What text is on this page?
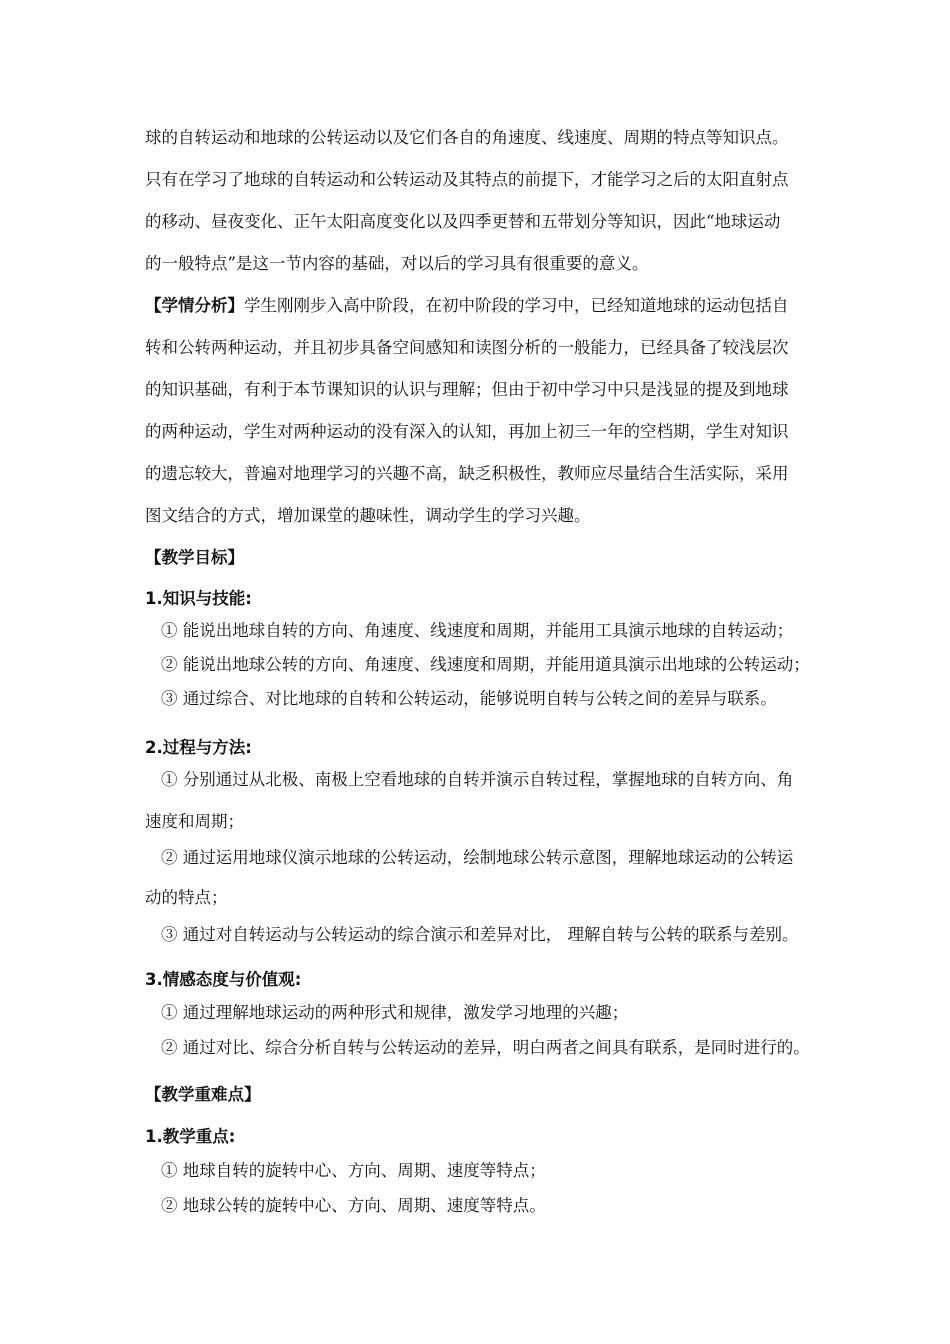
球的自转运动和地球的公转运动以及它们各自的角速度、线速度、周期的特点等知识点。
只有在学习了地球的自转运动和公转运动及其特点的前提下，才能学习之后的太阳直射点
的移动、昼夜变化、正午太阳高度变化以及四季更替和五带划分等知识，因此“地球运动
的一般特点”是这一节内容的基础，对以后的学习具有很重要的意义。
【学情分析】学生刚刚步入高中阶段，在初中阶段的学习中，已经知道地球的运动包括自
转和公转两种运动，并且初步具备空间感知和读图分析的一般能力，已经具备了较浅层次
的知识基础，有利于本节课知识的认识与理解；但由于初中学习中只是浅显的提及到地球
的两种运动，学生对两种运动的没有深入的认知，再加上初三一年的空档期，学生对知识
的遗忘较大，普遍对地理学习的兴趣不高，缺乏积极性，教师应尽量结合生活实际，采用
图文结合的方式，增加课堂的趣味性，调动学生的学习兴趣。
【教学目标】
1.知识与技能:
① 能说出地球自转的方向、角速度、线速度和周期，并能用工具演示地球的自转运动；
② 能说出地球公转的方向、角速度、线速度和周期，并能用道具演示出地球的公转运动；
③ 通过综合、对比地球的自转和公转运动，能够说明自转与公转之间的差异与联系。
2.过程与方法:
① 分别通过从北极、南极上空看地球的自转并演示自转过程，掌握地球的自转方向、角
速度和周期；
② 通过运用地球仪演示地球的公转运动，绘制地球公转示意图，理解地球运动的公转运
动的特点；
③ 通过对自转运动与公转运动的综合演示和差异对比， 理解自转与公转的联系与差别。
3.情感态度与价值观:
① 通过理解地球运动的两种形式和规律，激发学习地理的兴趣；
② 通过对比、综合分析自转与公转运动的差异，明白两者之间具有联系，是同时进行的。
【教学重难点】
1.教学重点:
① 地球自转的旋转中心、方向、周期、速度等特点；
② 地球公转的旋转中心、方向、周期、速度等特点。
